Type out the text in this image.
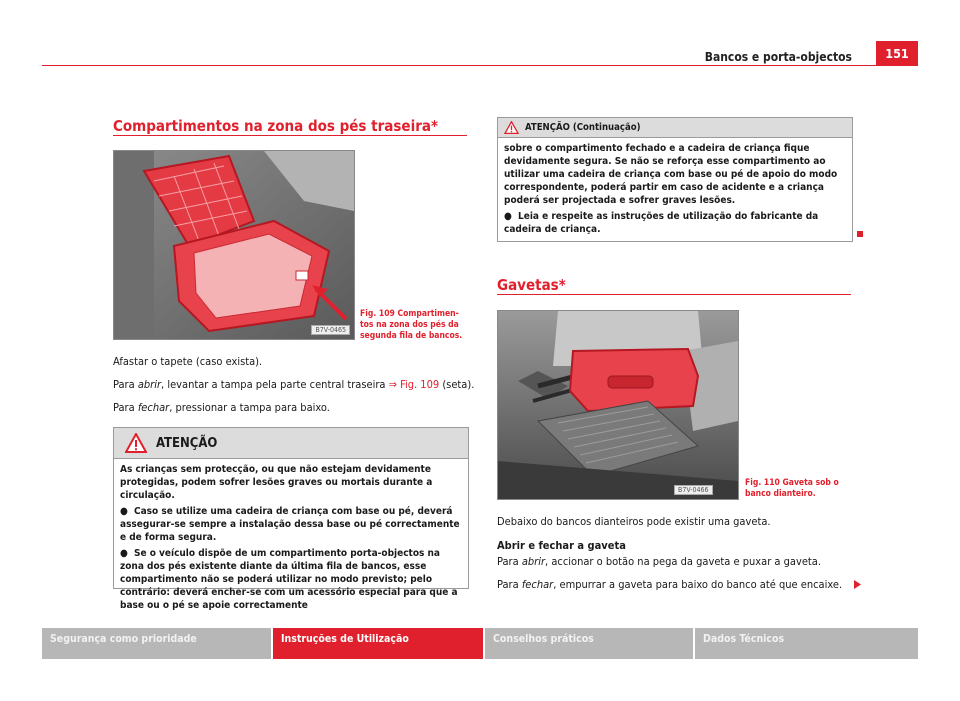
Bancos e porta-objectos	151
Compartimentos na zona dos pés traseira*
B7V-0465
Fig. 109 Compartimen-
tos na zona dos pés da
segunda fila de bancos.
Afastar o tapete (caso exista).
Para abrir, levantar a tampa pela parte central traseira ⇒ Fig. 109 (seta).
Para fechar, pressionar a tampa para baixo.
ATENÇÃO

As crianças sem protecção, ou que não estejam devidamente protegidas, podem sofrer lesões graves ou mortais durante a circulação.

● Caso se utilize uma cadeira de criança com base ou pé, deverá assegurar-se sempre a instalação dessa base ou pé correctamente e de forma segura.

● Se o veículo dispõe de um compartimento porta-objectos na zona dos pés existente diante da última fila de bancos, esse compartimento não se poderá utilizar no modo previsto; pelo contrário: deverá encher-se com um acessório especial para que a base ou o pé se apoie correctamente

ATENÇÃO (Continuação)

sobre o compartimento fechado e a cadeira de criança fique devidamente segura. Se não se reforça esse compartimento ao utilizar uma cadeira de criança com base ou pé de apoio do modo correspondente, poderá partir em caso de acidente e a criança poderá ser projectada e sofrer graves lesões.

● Leia e respeite as instruções de utilização do fabricante da cadeira de criança.

Gavetas*
B7V-0466
Fig. 110 Gaveta sob o
banco dianteiro.
Debaixo do bancos dianteiros pode existir uma gaveta.
Abrir e fechar a gaveta
Para abrir, accionar o botão na pega da gaveta e puxar a gaveta.
Para fechar, empurrar a gaveta para baixo do banco até que encaixe.
Segurança como prioridade	Instruções de Utilização	Conselhos práticos	Dados Técnicos
